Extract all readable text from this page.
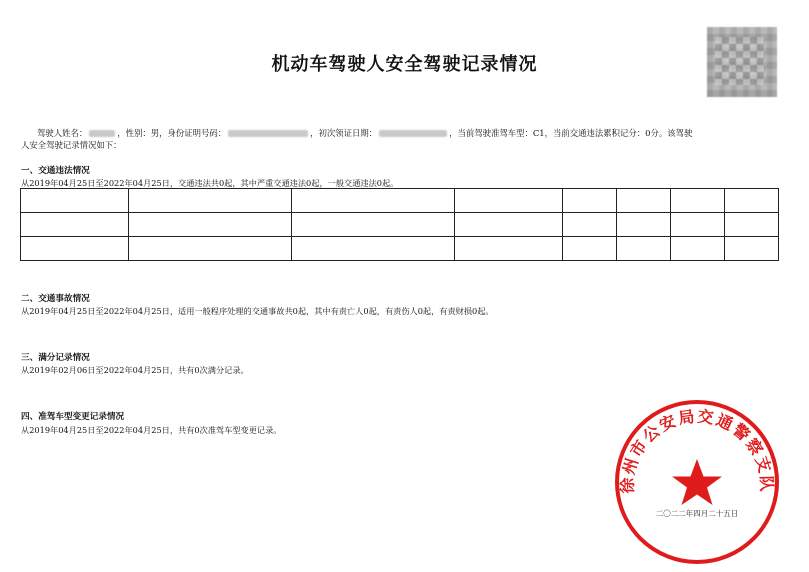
机动车驾驶人安全驾驶记录情况
驾驶人姓名：	，性别：男，身份证明号码：	，初次领证日期：	，当前驾驶准驾车型：C1，当前交通违法累积记分：0分。该驾驶
人安全驾驶记录情况如下：
一、交通违法情况
从2019年04月25日至2022年04月25日，交通违法共0起，其中严重交通违法0起，一般交通违法0起。

二、交通事故情况
从2019年04月25日至2022年04月25日，适用一般程序处理的交通事故共0起，其中有责亡人0起，有责伤人0起，有责财损0起。
三、满分记录情况
从2019年02月06日至2022年04月25日，共有0次满分记录。
四、准驾车型变更记录情况
从2019年04月25日至2022年04月25日，共有0次准驾车型变更记录。
徐州市公安局交通警察支队
二〇二二年四月二十五日
